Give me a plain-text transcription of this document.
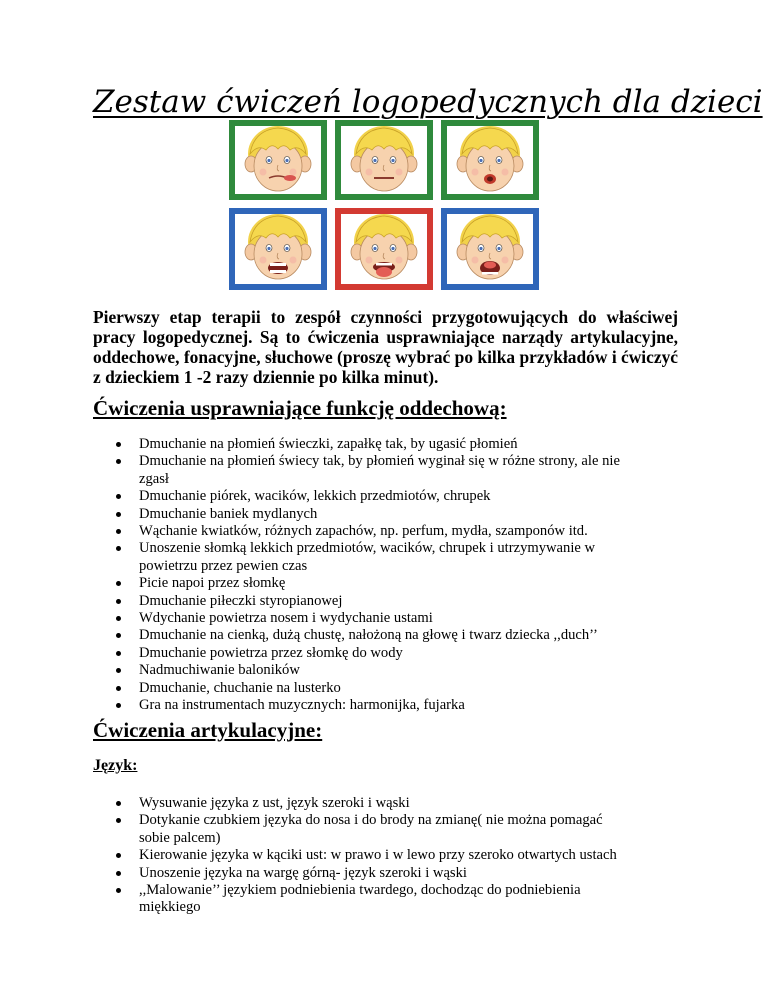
Zestaw ćwiczeń logopedycznych dla dzieci

Pierwszy etap terapii to zespół czynności przygotowujących do właściwej pracy logopedycznej. Są to ćwiczenia usprawniające narządy artykulacyjne, oddechowe, fonacyjne, słuchowe (proszę wybrać po kilka przykładów i ćwiczyć z dzieckiem 1 -2 razy dziennie po kilka minut).

Ćwiczenia usprawniające funkcję oddechową:
Dmuchanie na płomień świeczki, zapałkę tak, by ugasić płomień
Dmuchanie na płomień świecy tak, by płomień wyginał się w różne strony, ale nie zgasł
Dmuchanie piórek, wacików, lekkich przedmiotów, chrupek
Dmuchanie baniek mydlanych
Wąchanie kwiatków, różnych zapachów, np. perfum, mydła, szamponów itd.
Unoszenie słomką lekkich przedmiotów, wacików, chrupek i utrzymywanie w powietrzu przez pewien czas
Picie napoi przez słomkę
Dmuchanie piłeczki styropianowej
Wdychanie powietrza nosem i wydychanie ustami
Dmuchanie na cienką, dużą chustę, nałożoną na głowę i twarz dziecka ,,duch’’
Dmuchanie powietrza przez słomkę do wody
Nadmuchiwanie baloników
Dmuchanie, chuchanie na lusterko
Gra na instrumentach muzycznych: harmonijka, fujarka
Ćwiczenia artykulacyjne:
Język:
Wysuwanie języka z ust, język szeroki i wąski
Dotykanie czubkiem języka do nosa i do brody na zmianę( nie można pomagać sobie palcem)
Kierowanie języka w kąciki ust: w prawo i w lewo przy szeroko otwartych ustach
Unoszenie języka na wargę górną- język szeroki i wąski
,,Malowanie’’ językiem podniebienia twardego, dochodząc do podniebienia miękkiego
